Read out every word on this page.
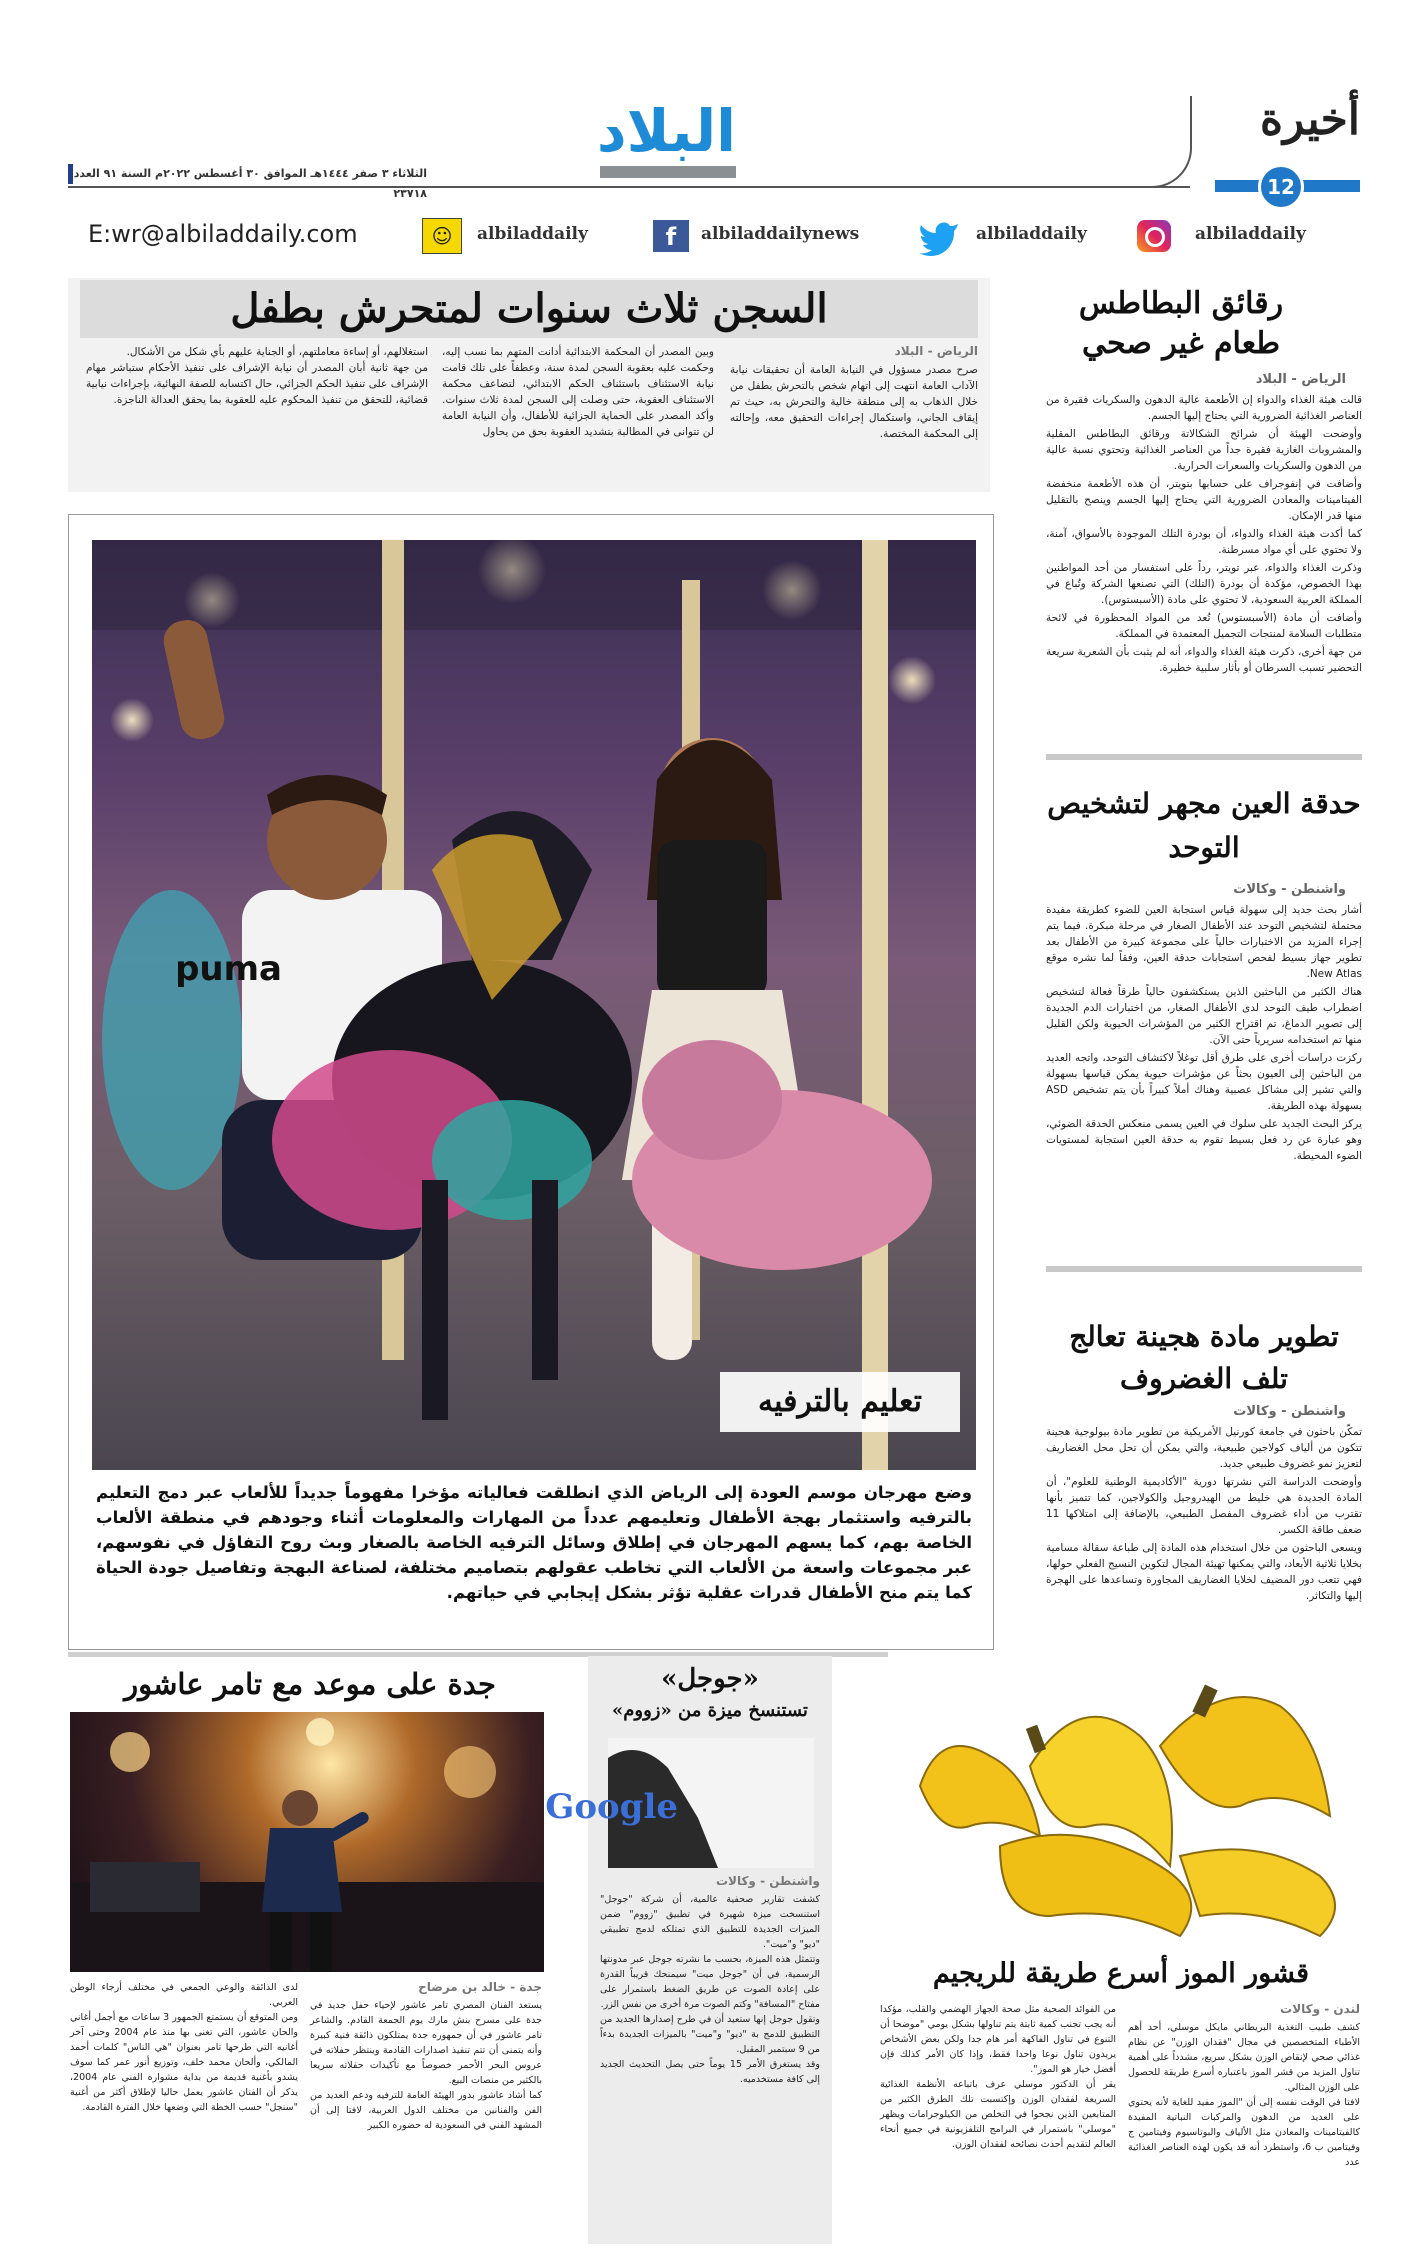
أخيرة
12
البلاد
الثلاثاء ٣ صفر ١٤٤٤هـ الموافق ٣٠ أغسطس ٢٠٢٢م السنة ٩١ العدد ٢٣٧١٨
E:wr@albiladdaily.com	☺	albiladdaily	f	albiladdailynews	albiladdaily	albiladdaily
السجن ثلاث سنوات لمتحرش بطفل
الرياض - البلاد
صرح مصدر مسؤول في النيابة العامة أن تحقيقات نيابة الآداب العامة انتهت إلى اتهام شخص بالتحرش بطفل من خلال الذهاب به إلى منطقة خالية والتحرش به، حيث تم إيقاف الجاني، واستكمال إجراءات التحقيق معه، وإحالته إلى المحكمة المختصة.
وبين المصدر أن المحكمة الابتدائية أدانت المتهم بما نسب إليه، وحكمت عليه بعقوبة السجن لمدة سنة، وعطفاً على تلك قامت نيابة الاستئناف باستئناف الحكم الابتدائي، لتضاعف محكمة الاستئناف العقوبة، حتى وصلت إلى السجن لمدة ثلاث سنوات. وأكد المصدر على الحماية الجزائية للأطفال، وأن النيابة العامة لن تتوانى في المطالبة بتشديد العقوبة بحق من يحاول
استغلالهم، أو إساءة معاملتهم، أو الجناية عليهم بأي شكل من الأشكال.
من جهة ثانية أبان المصدر أن نيابة الإشراف على تنفيذ الأحكام ستباشر مهام الإشراف على تنفيذ الحكم الجزائي، حال اكتسابه للصفة النهائية، بإجراءات نيابية قضائية، للتحقق من تنفيذ المحكوم عليه للعقوبة بما يحقق العدالة الناجزة.
puma
تعليم بالترفيه
وضع مهرجان موسم العودة إلى الرياض الذي انطلقت فعالياته مؤخرا مفهوماً جديداً للألعاب عبر دمج التعليم بالترفيه واستثمار بهجة الأطفال وتعليمهم عدداً من المهارات والمعلومات أثناء وجودهم في منطقة الألعاب الخاصة بهم، كما يسهم المهرجان في إطلاق وسائل الترفيه الخاصة بالصغار وبث روح التفاؤل في نفوسهم، عبر مجموعات واسعة من الألعاب التي تخاطب عقولهم بتصاميم مختلفة، لصناعة البهجة وتفاصيل جودة الحياة كما يتم منح الأطفال قدرات عقلية تؤثر بشكل إيجابي في حياتهم.
رقائق البطاطس طعام غير صحي
الرياض - البلاد

قالت هيئة الغذاء والدواء إن الأطعمة عالية الدهون والسكريات فقيرة من العناصر الغذائية الضرورية التي يحتاج إليها الجسم.

وأوضحت الهيئة أن شرائح الشكالاتة ورقائق البطاطس المقلية والمشروبات الغازية فقيرة جداً من العناصر الغذائية وتحتوي نسبة عالية من الدهون والسكريات والسعرات الحرارية.

وأضافت في إنفوجراف على حسابها بتويتر، أن هذه الأطعمة منخفضة الفيتامينات والمعادن الضرورية التي يحتاج إليها الجسم وينصح بالتقليل منها قدر الإمكان.

كما أكدت هيئة الغذاء والدواء، أن بودرة التلك الموجودة بالأسواق، آمنة، ولا تحتوي على أي مواد مسرطنة.

وذكرت الغذاء والدواء، عبر تويتر، رداً على استفسار من أحد المواطنين بهذا الخصوص، مؤكدة أن بودرة (التلك) التي تصنعها الشركة وتُباع في المملكة العربية السعودية، لا تحتوي على مادة (الأسبستوس).

وأضافت أن مادة (الأسبستوس) تُعد من المواد المحظورة في لائحة متطلبات السلامة لمنتجات التجميل المعتمدة في المملكة.

من جهة أخرى، ذكرت هيئة الغذاء والدواء، أنه لم يثبت بأن الشعرية سريعة التحضير تسبب السرطان أو بأثار سلبية خطيرة.

حدقة العين مجهر لتشخيص التوحد
واشنطن - وكالات

أشار بحث جديد إلى سهولة قياس استجابة العين للضوء كطريقة مفيدة محتملة لتشخيص التوحد عند الأطفال الصغار في مرحلة مبكرة. فيما يتم إجراء المزيد من الاختبارات حالياً على مجموعة كبيرة من الأطفال بعد تطوير جهاز بسيط لفحص استجابات حدقة العين، وفقاً لما نشره موقع New Atlas.

هناك الكثير من الباحثين الذين يستكشفون حالياً طرقاً فعالة لتشخيص اضطراب طيف التوحد لدى الأطفال الصغار، من اختبارات الدم الجديدة إلى تصوير الدماغ، تم اقتراح الكثير من المؤشرات الحيوية ولكن القليل منها تم استخدامه سريرياً حتى الآن.

ركزت دراسات أخرى على طرق أقل توغلاً لاكتشاف التوحد، واتجه العديد من الباحثين إلى العيون بحثاً عن مؤشرات حيوية يمكن قياسها بسهولة والتي تشير إلى مشاكل عصبية وهناك أملاً كبيراً بأن يتم تشخيص ASD بسهولة بهذه الطريقة.

يركز البحث الجديد على سلوك في العين يسمى منعكس الحدقة الضوئي، وهو عبارة عن رد فعل بسيط تقوم به حدقة العين استجابة لمستويات الضوء المحيطة.

تطوير مادة هجينة تعالج تلف الغضروف
واشنطن - وكالات

تمكّن باحثون في جامعة كورنيل الأمريكية من تطوير مادة بيولوجية هجينة تتكون من ألياف كولاجين طبيعية، والتي يمكن أن تحل محل الغضاريف لتعزيز نمو غضروف طبيعي جديد.

وأوضحت الدراسة التي نشرتها دورية "الأكاديمية الوطنية للعلوم"، أن المادة الجديدة هي خليط من الهيدروجيل والكولاجين، كما تتميز بأنها تقترب من أداء غضروف المفصل الطبيعي، بالإضافة إلى امتلاكها 11 ضعف طاقة الكسر.

ويسعى الباحثون من خلال استخدام هذه المادة إلى طباعة سقالة مسامية بخلايا ثلاثية الأبعاد، والتي يمكنها تهيئة المجال لتكوين النسيج الفعلي حولها، فهي تتعب دور المضيف لخلايا الغضاريف المجاورة وتساعدها على الهجرة إليها والتكاثر.

جدة على موعد مع تامر عاشور
جدة - خالد بن مرضاح
يستعد الفنان المصري تامر عاشور لإحياء حفل جديد في جدة على مسرح بنش مارك يوم الجمعة القادم. والشاعر تامر عاشور في أن جمهوره جدة يمتلكون ذائقة فنية كبيرة وأنه يتمنى أن تتم تنفيذ اصدارات القادمة وينتظر حفلاته في عروس البحر الأحمر خصوصاً مع تأكيدات حفلاته سريعا بالكثير من منصات البيع.
كما أشاد عاشور بدور الهيئة العامة للترفيه ودعم العديد من الفن والفنانين من مختلف الدول العربية، لافتا إلى أن المشهد الفني في السعودية له حضوره الكبير
لدى الذائقة والوعي الجمعي في مختلف أرجاء الوطن العربي.
ومن المتوقع أن يستمتع الجمهور 3 ساعات مع أجمل أغاني والحان عاشور، التي تغنى بها منذ عام 2004 وحتى آخر أغانيه التي طرحها تامر بعنوان "هي الناس" كلمات أحمد المالكي، وألحان محمد خلف، وتوزيع أنور عمر كما سوف يشدو بأغنية قديمة من بداية مشواره الفني عام 2004، يذكر أن الفنان عاشور يعمل حاليا لإطلاق أكثر من أغنية "سنجل" حسب الخطة التي وضعها خلال الفترة القادمة.
«جوجل»
تستنسخ ميزة من «زووم»
Google
واشنطن - وكالات
كشفت تقارير صحفية عالمية، أن شركة "جوجل" استنسخت ميزة شهيرة في تطبيق "زووم" ضمن الميزات الجديدة للتطبيق الذي تمتلكه لدمج تطبيقي "ديو" و"ميت".
وتتمثل هذه الميزة، بحسب ما نشرته جوجل عبر مدونتها الرسمية، في أن "جوجل ميت" سيمنحك قريباً القدرة على إعادة الصوت عن طريق الضغط باستمرار على مفتاح "المسافة" وكتم الصوت مرة أخرى من نفس الزر.
وتقول جوجل إنها ستعيد أن في طرح إصدارها الجديد من التطبيق للدمج بة "ديو" و"ميت" بالميزات الجديدة بدءاً من 9 سبتمبر المقبل.
وقد يستغرق الأمر 15 يوماً حتى يصل التحديث الجديد إلى كافة مستخدميه.
قشور الموز أسرع طريقة للريجيم
لندن - وكالات
كشف طبيب التغذية البريطاني مايكل موسلي، أحد أهم الأطباء المتخصصين في مجال "فقدان الوزن" عن نظام غذائي صحي لإنقاص الوزن بشكل سريع، مشدداً على أهمية تناول المزيد من قشر الموز باعتباره أسرع طريقة للحصول على الوزن المثالي.
لافتا في الوقت نفسه إلى أن "الموز مفيد للغاية لأنه يحتوي على العديد من الدهون والمركبات النباتية المفيدة كالفيتامينات والمعادن مثل الألياف والبوتاسيوم وفيتامين ج وفيتامين ب 6، واستطرد أنه قد يكون لهذه العناصر الغذائية عدد
من الفوائد الصحية مثل صحة الجهاز الهضمي والقلب، مؤكدا أنه يجب تجنب كمية ثابتة يتم تناولها بشكل يومي "موضحا أن التنوع في تناول الفاكهة أمر هام جدا ولكن بعض الأشخاص يريدون تناول نوعا واحدا فقط، وإذا كان الأمر كذلك فإن أفضل خيار هو الموز".
يقر أن الدكتور موسلي عرف باتباعه الأنظمة الغذائية السريعة لفقدان الوزن وإكتسبت تلك الطرق الكثير من المتابعين الذين نجحوا في التخلص من الكيلوجرامات ويظهر "موسلي" باستمرار في البرامج التلفزيونية في جميع أنحاء العالم لتقديم أحدث نصائحه لفقدان الوزن.
